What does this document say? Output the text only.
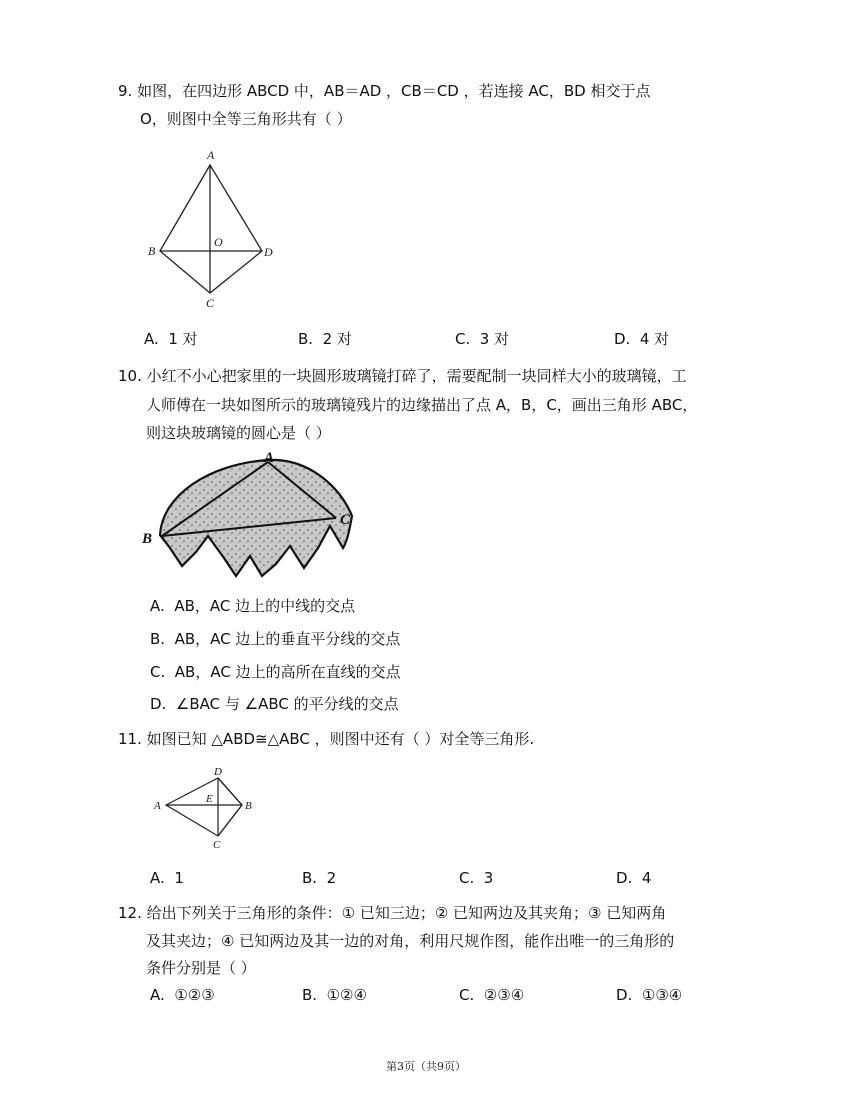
9. 如图，在四边形 ABCD 中，AB＝AD ，CB＝CD ，若连接 AC，BD 相交于点
O，则图中全等三角形共有（ ）
A
B
C
D
O
A. 1 对	B. 2 对	C. 3 对	D. 4 对
10. 小红不小心把家里的一块圆形玻璃镜打碎了，需要配制一块同样大小的玻璃镜，工
人师傅在一块如图所示的玻璃镜残片的边缘描出了点 A，B，C，画出三角形 ABC，
则这块玻璃镜的圆心是（ ）
A
B
C
A. AB，AC 边上的中线的交点
B. AB，AC 边上的垂直平分线的交点
C. AB，AC 边上的高所在直线的交点
D. ∠BAC 与 ∠ABC 的平分线的交点
11. 如图已知 △ABD≅△ABC ，则图中还有（ ）对全等三角形.
D
A	B
C
E
A. 1	B. 2	C. 3	D. 4
12. 给出下列关于三角形的条件：① 已知三边；② 已知两边及其夹角；③ 已知两角
及其夹边；④ 已知两边及其一边的对角，利用尺规作图，能作出唯一的三角形的
条件分别是（ ）
A. ①②③	B. ①②④	C. ②③④	D. ①③④
第3页（共9页）
